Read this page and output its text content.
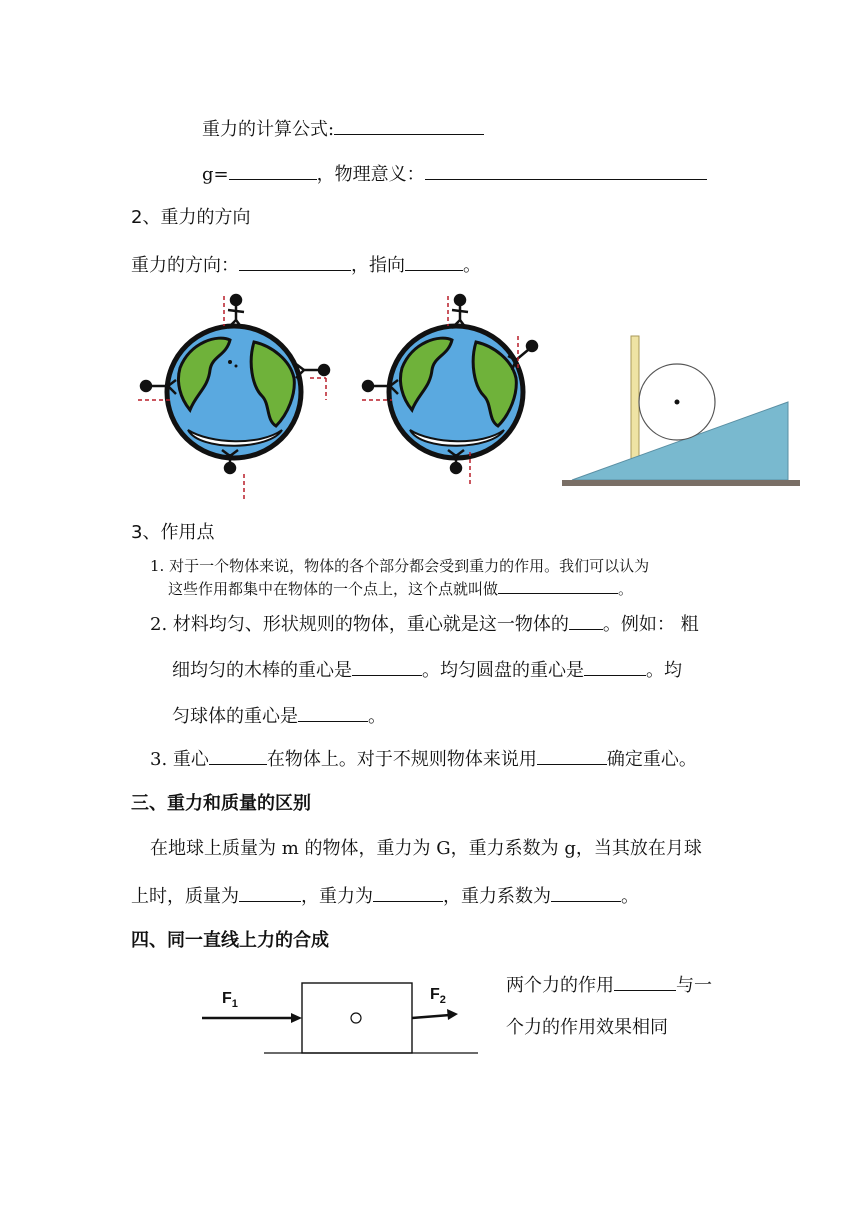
重力的计算公式:
g=	，物理意义：
2、重力的方向
重力的方向：	，指向	。
3、作用点
1. 对于一个物体来说，物体的各个部分都会受到重力的作用。我们可以认为
这些作用都集中在物体的一个点上，这个点就叫做	。
2. 材料均匀、形状规则的物体，重心就是这一物体的 。例如： 粗
细均匀的木棒的重心是	。均匀圆盘的重心是	。均
匀球体的重心是	。
3. 重心	在物体上。对于不规则物体来说用	确定重心。
三、重力和质量的区别
在地球上质量为 m 的物体，重力为 G，重力系数为 g，当其放在月球
上时，质量为	，重力为	，重力系数为	。
四、同一直线上力的合成
$F_1$
$F_2$
两个力的作用	与一
个力的作用效果相同
